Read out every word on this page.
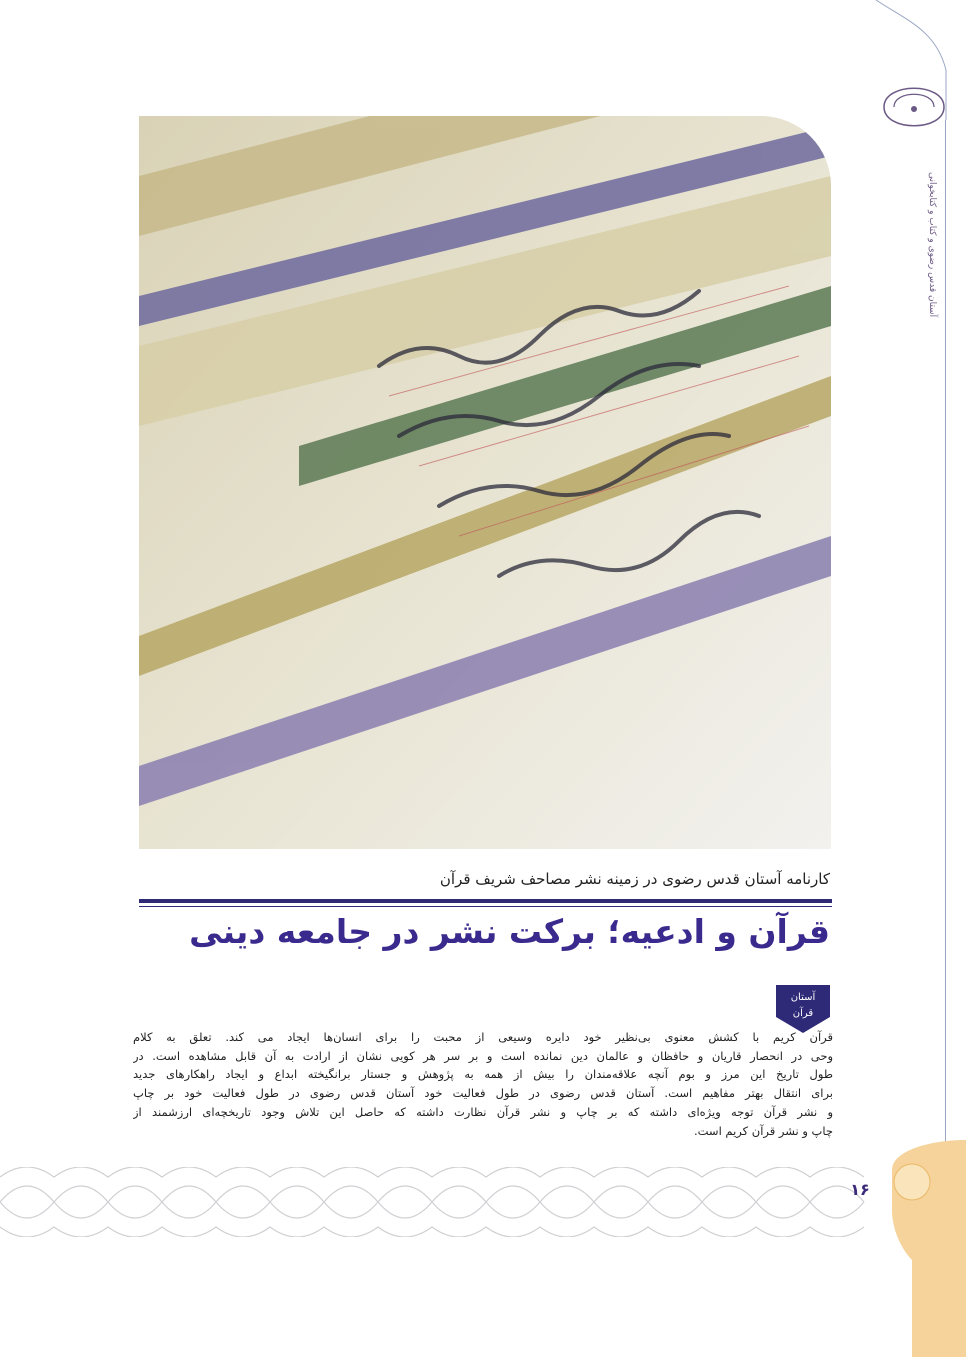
آستان قدس رضوی و کتاب و کتابخوانی
کارنامه آستان قدس رضوی در زمینه نشر مصاحف شریف قرآن
قرآن و ادعیه؛ برکت نشر در جامعه دینی
آستان
قرآن
قرآن کریم با کشش معنوی بی‌نظیر خود دایره وسیعی از محبت را برای انسان‌ها ایجاد می کند. تعلق به کلام
وحی در انحصار قاریان و حافظان و عالمان دین نمانده است و بر سر هر کویی نشان از ارادت به آن قابل مشاهده است. در
طول تاریخ این مرز و بوم آنچه علاقه‌مندان را بیش از همه به پژوهش و جستار برانگیخته ابداع و ایجاد راهکارهای جدید
برای انتقال بهتر مفاهیم است. آستان قدس رضوی در طول فعالیت خود آستان قدس رضوی در طول فعالیت خود بر چاپ
و نشر قرآن توجه ویژه‌ای داشته که بر چاپ و نشر قرآن نظارت داشته که حاصل این تلاش وجود تاریخچه‌ای ارزشمند از
چاپ و نشر قرآن کریم است.
۱۶
